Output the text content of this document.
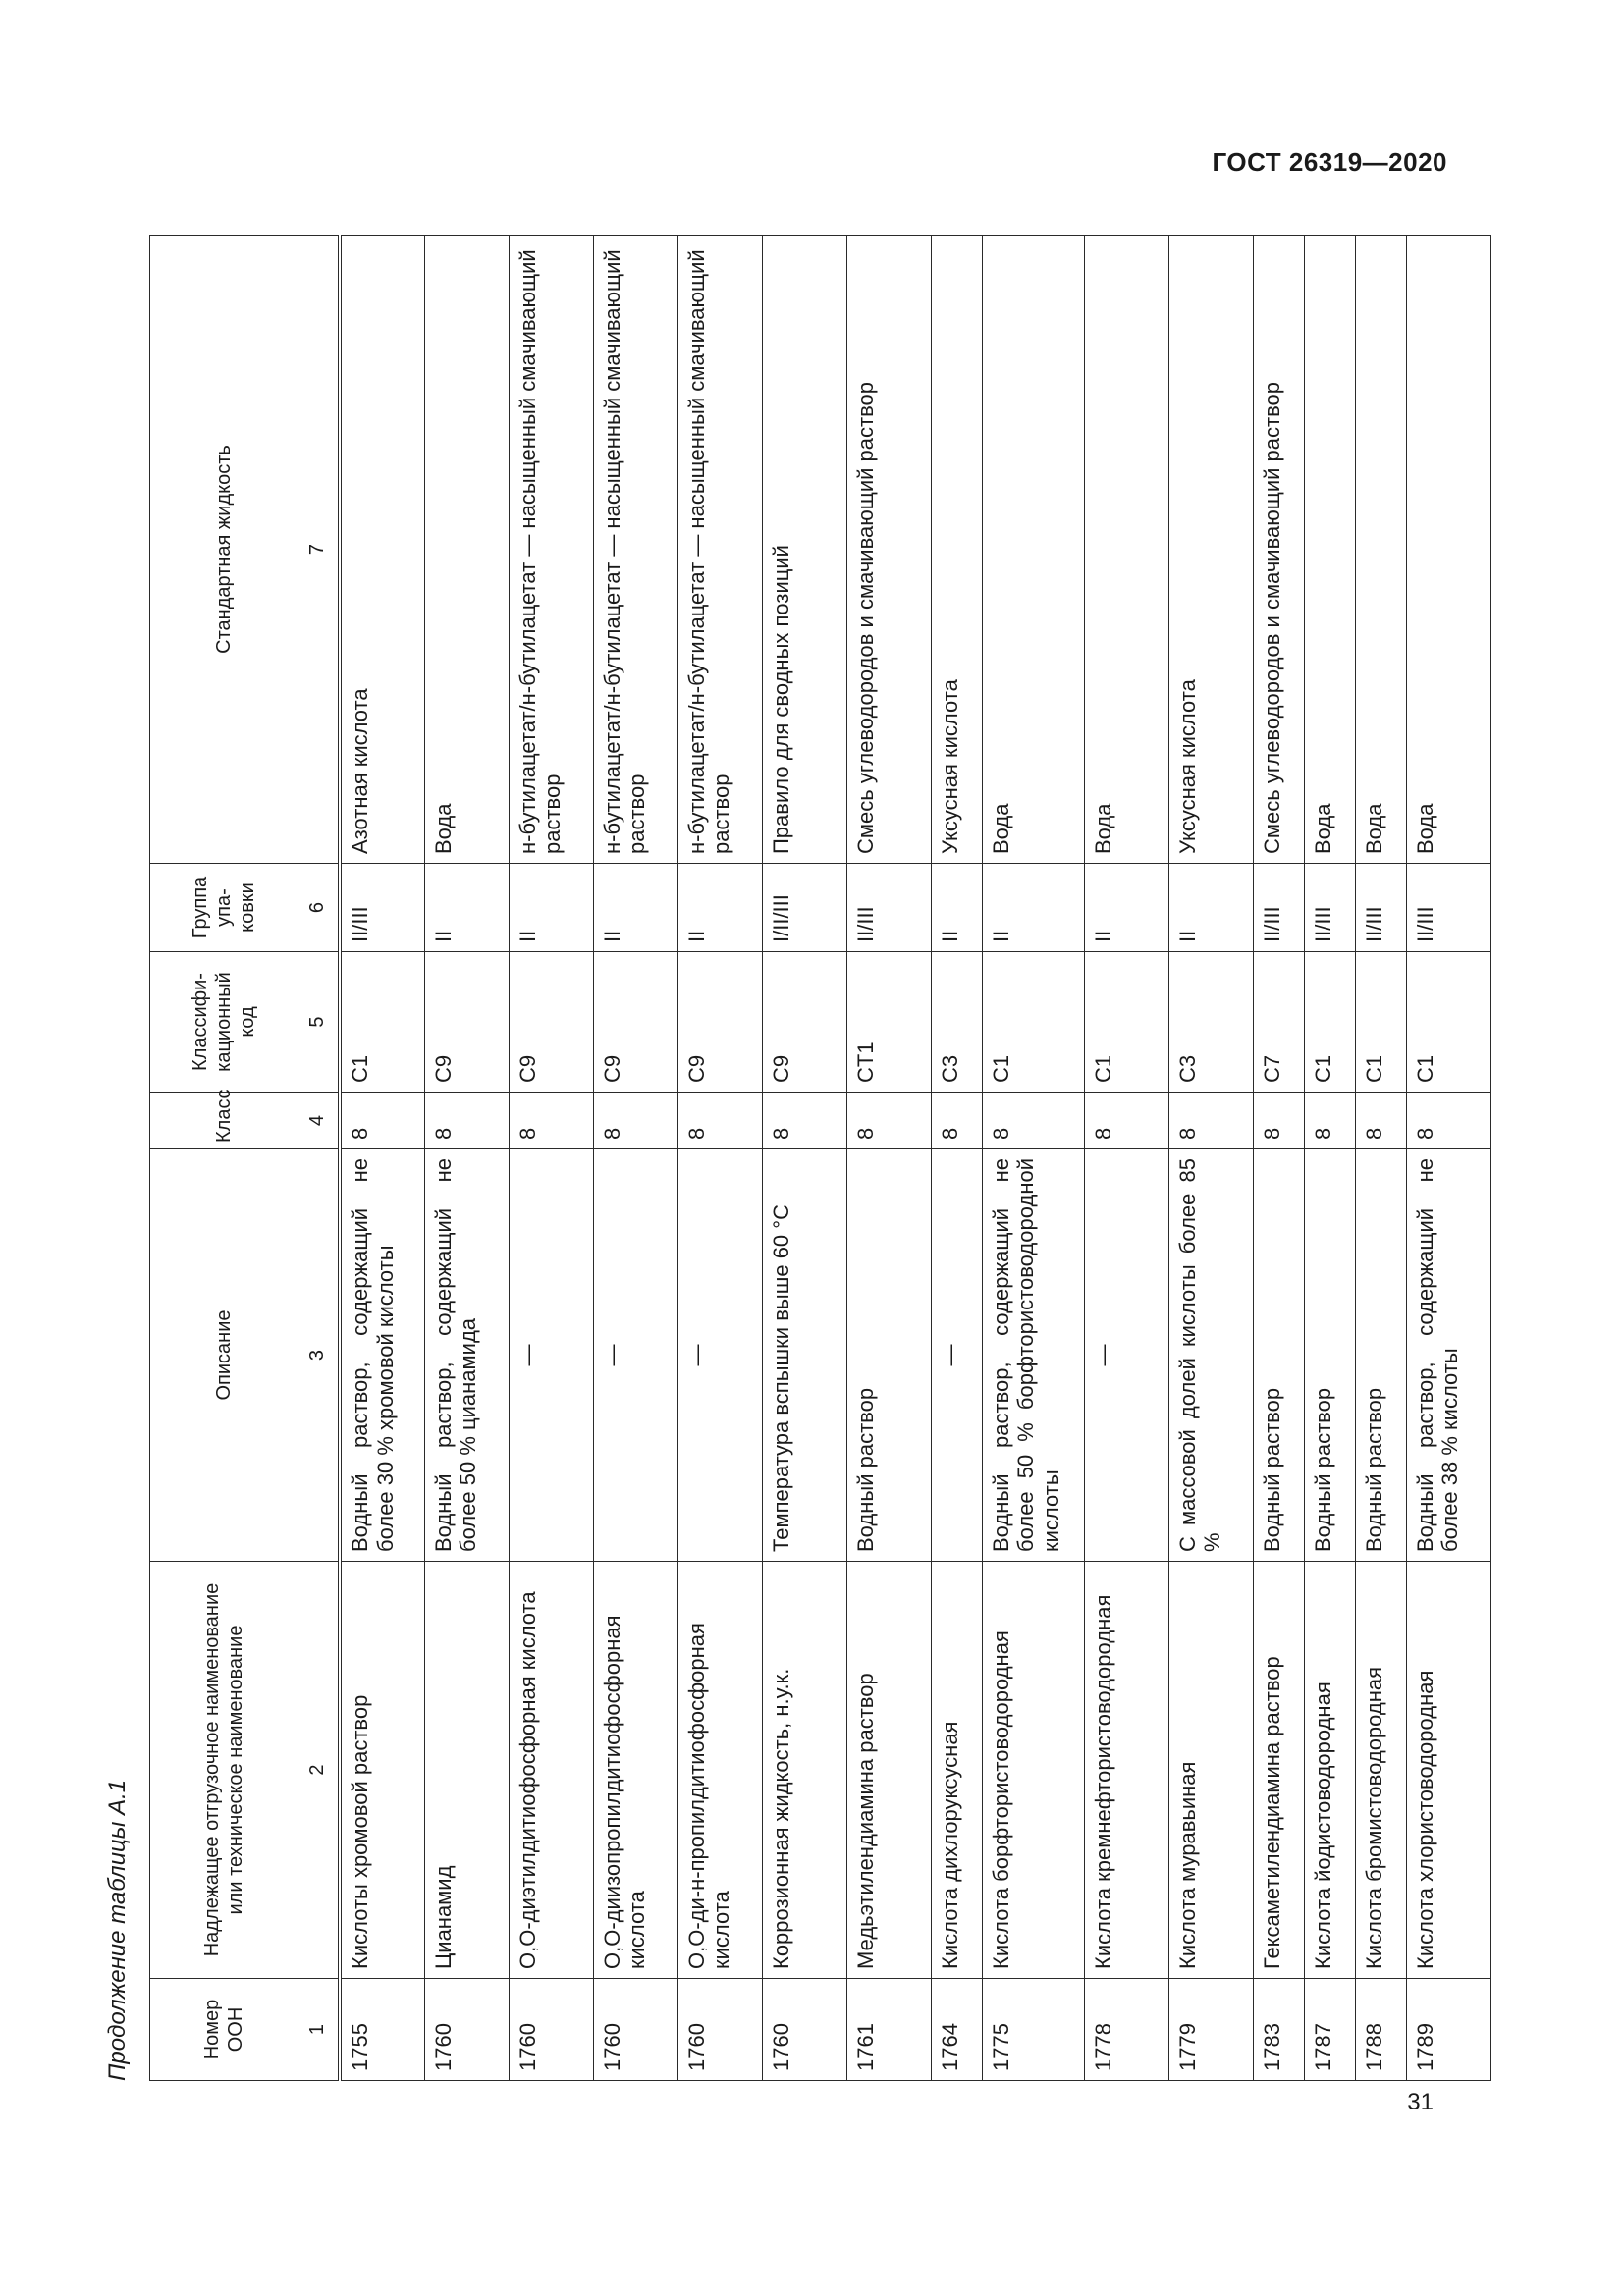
ГОСТ 26319—2020
Продолжение таблицы А.1	Номер ООН	Надлежащее отгрузочное наименование или техническое наименование	Описание	Класс	Классифи-кационный код	Группа упа-ковки	Стандартная жидкость
1	2	3	4	5	6	7
1755	Кислоты хромовой раствор	Водный раствор, содержащий не более 30 % хромовой кислоты	8	C1	II/III	Азотная кислота
1760	Цианамид	Водный раствор, содержащий не более 50 % цианамида	8	C9	II	Вода
1760	O,O-диэтилдитиофосфорная кислота	—	8	C9	II	н-бутилацетат/н-бутилацетат — насыщенный смачивающий раствор
1760	O,O-диизопропилдитиофосфорная кислота	—	8	C9	II	н-бутилацетат/н-бутилацетат — насыщенный смачивающий раствор
1760	O,O-ди-н-пропилдитиофосфорная кислота	—	8	C9	II	н-бутилацетат/н-бутилацетат — насыщенный смачивающий раствор
1760	Коррозионная жидкость, н.у.к.	Температура вспышки выше 60 °С	8	C9	I/II/III	Правило для сводных позиций
1761	Медьэтилендиамина раствор	Водный раствор	8	CT1	II/III	Смесь углеводородов и смачивающий раствор
1764	Кислота дихлоруксусная	—	8	C3	II	Уксусная кислота
1775	Кислота борфтористоводородная	Водный раствор, содержащий не более 50 % борфтористоводородной кислоты	8	C1	II	Вода
1778	Кислота кремнефтористоводородная	—	8	C1	II	Вода
1779	Кислота муравьиная	С массовой долей кислоты более 85 %	8	C3	II	Уксусная кислота
1783	Гексаметилендиамина раствор	Водный раствор	8	C7	II/III	Смесь углеводородов и смачивающий раствор
1787	Кислота йодистоводородная	Водный раствор	8	C1	II/III	Вода
1788	Кислота бромистоводородная	Водный раствор	8	C1	II/III	Вода
1789	Кислота хлористоводородная	Водный раствор, содержащий не более 38 % кислоты	8	C1	II/III	Вода
31
